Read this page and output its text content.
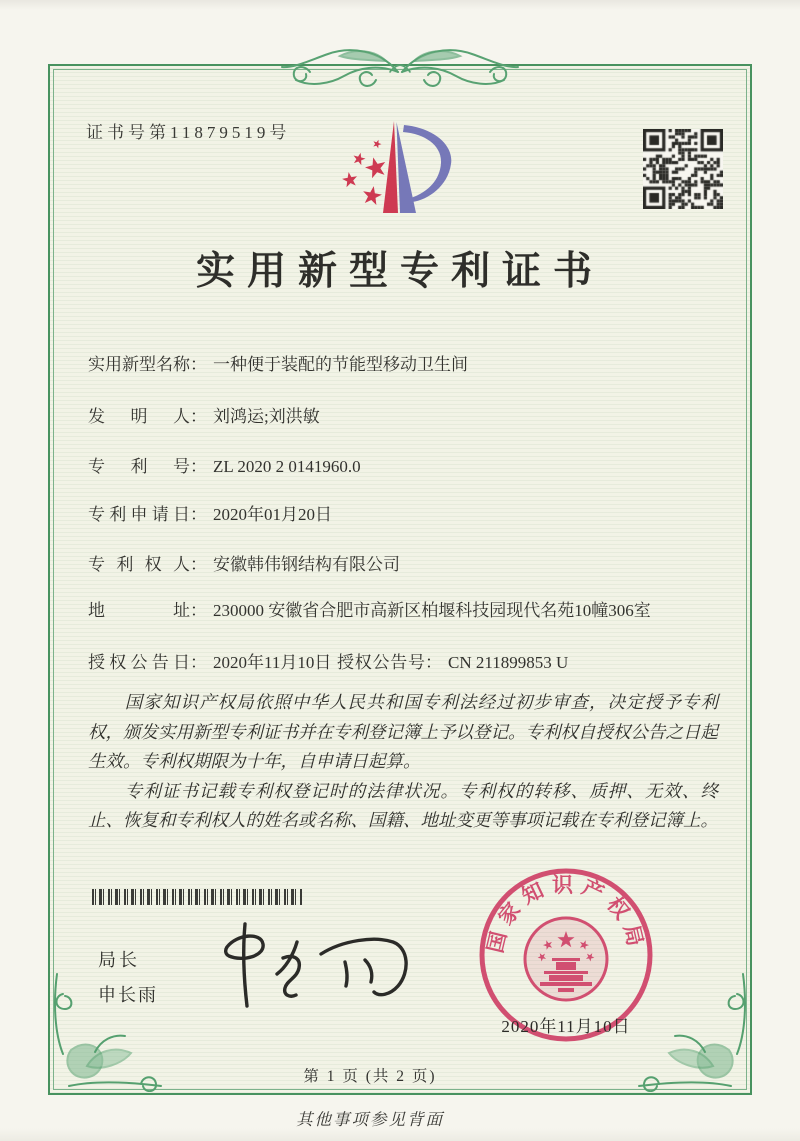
证书号第11879519号
实用新型专利证书
实用新型名称： 一种便于装配的节能型移动卫生间
发明人： 刘鸿运;刘洪敏
专利号： ZL 2020 2 0141960.0
专利申请日： 2020年01月20日
专利权人： 安徽韩伟钢结构有限公司
地址： 230000 安徽省合肥市高新区柏堰科技园现代名苑10幢306室
授权公告日： 2020年11月10日 授权公告号： CN 211899853 U

国家知识产权局依照中华人民共和国专利法经过初步审查，决定授予专利权，颁发实用新型专利证书并在专利登记簿上予以登记。专利权自授权公告之日起生效。专利权期限为十年，自申请日起算。

专利证书记载专利权登记时的法律状况。专利权的转移、质押、无效、终止、恢复和专利权人的姓名或名称、国籍、地址变更等事项记载在专利登记簿上。

局长
申长雨
国家知识产权局
2020年11月10日
第 1 页 (共 2 页)
其他事项参见背面
